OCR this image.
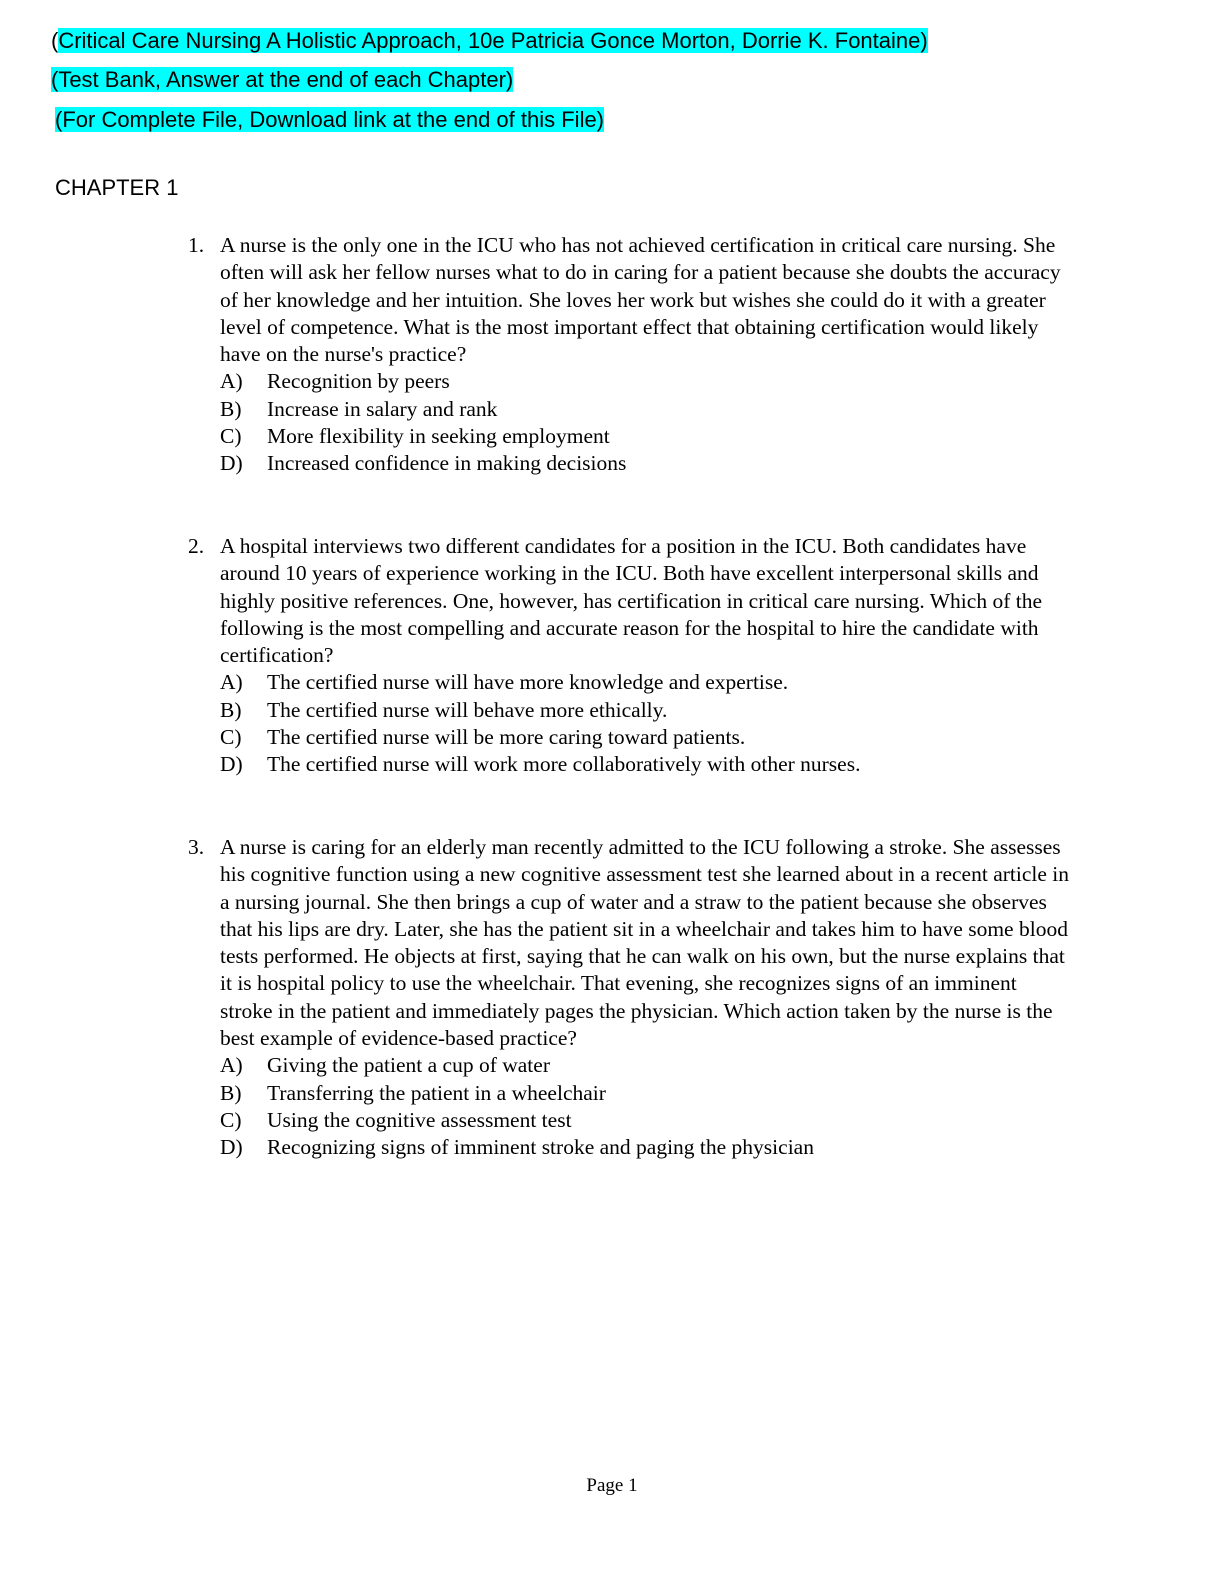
(Critical Care Nursing A Holistic Approach, 10e Patricia Gonce Morton, Dorrie K. Fontaine)
(Test Bank, Answer at the end of each Chapter)
(For Complete File, Download link at the end of this File)
CHAPTER 1
1. A nurse is the only one in the ICU who has not achieved certification in critical care nursing. She often will ask her fellow nurses what to do in caring for a patient because she doubts the accuracy of her knowledge and her intuition. She loves her work but wishes she could do it with a greater level of competence. What is the most important effect that obtaining certification would likely have on the nurse's practice?
A)	Recognition by peers
B)	Increase in salary and rank
C)	More flexibility in seeking employment
D)	Increased confidence in making decisions
2. A hospital interviews two different candidates for a position in the ICU. Both candidates have around 10 years of experience working in the ICU. Both have excellent interpersonal skills and highly positive references. One, however, has certification in critical care nursing. Which of the following is the most compelling and accurate reason for the hospital to hire the candidate with certification?
A)	The certified nurse will have more knowledge and expertise.
B)	The certified nurse will behave more ethically.
C)	The certified nurse will be more caring toward patients.
D)	The certified nurse will work more collaboratively with other nurses.
3. A nurse is caring for an elderly man recently admitted to the ICU following a stroke. She assesses his cognitive function using a new cognitive assessment test she learned about in a recent article in a nursing journal. She then brings a cup of water and a straw to the patient because she observes that his lips are dry. Later, she has the patient sit in a wheelchair and takes him to have some blood tests performed. He objects at first, saying that he can walk on his own, but the nurse explains that it is hospital policy to use the wheelchair. That evening, she recognizes signs of an imminent stroke in the patient and immediately pages the physician. Which action taken by the nurse is the best example of evidence-based practice?
A)	Giving the patient a cup of water
B)	Transferring the patient in a wheelchair
C)	Using the cognitive assessment test
D)	Recognizing signs of imminent stroke and paging the physician
Page 1
